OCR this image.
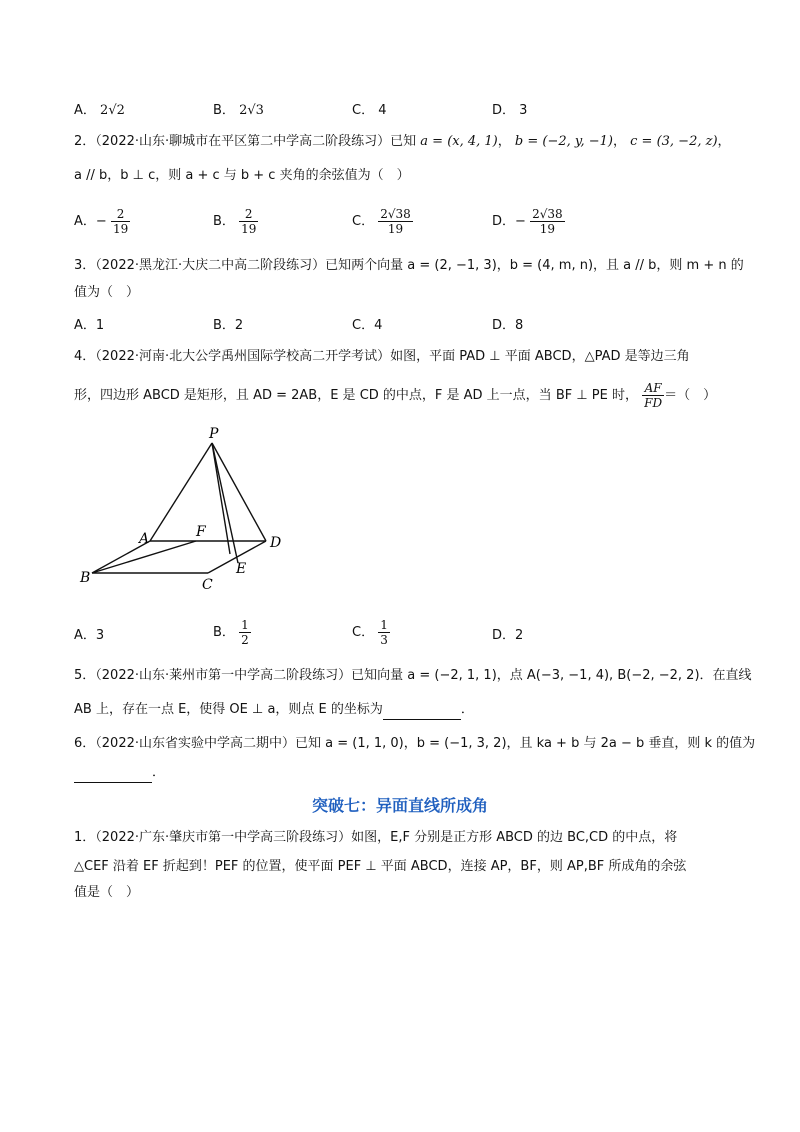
A． 2√2	B． 2√3	C． 4	D． 3
2．（2022·山东·聊城市在平区第二中学高二阶段练习）已知 a = (x, 4, 1)， b = (−2, y, −1)， c = (3, −2, z)，
a // b，b ⊥ c，则 a + c 与 b + c 夹角的余弦值为（　）
A．− $\frac{2}{19}$	B． $\frac{2}{19}$	C． $\frac{2√38}{19}$	D．− $\frac{2√38}{19}$
3．（2022·黑龙江·大庆二中高二阶段练习）已知两个向量 a = (2, −1, 3)，b = (4, m, n)，且 a // b，则 m + n 的
值为（　）
A．1	B．2	C．4	D．8
4．（2022·河南·北大公学禹州国际学校高二开学考试）如图，平面 PAD ⊥ 平面 ABCD，△PAD 是等边三角
形，四边形 ABCD 是矩形，且 AD = 2AB，E 是 CD 的中点，F 是 AD 上一点，当 BF ⊥ PE 时， $\frac{AF}{FD}$ ＝（　）
P
A	F
D
B	C
E
A．3	B． $\frac{1}{2}$	C． $\frac{1}{3}$	D．2
5．（2022·山东·莱州市第一中学高二阶段练习）已知向量 a = (−2, 1, 1)，点 A(−3, −1, 4), B(−2, −2, 2)．在直线
AB 上，存在一点 E，使得 OE ⊥ a，则点 E 的坐标为	．
6．（2022·山东省实验中学高二期中）已知 a = (1, 1, 0)，b = (−1, 3, 2)，且 ka + b 与 2a − b 垂直，则 k 的值为
．
突破七：异面直线所成角
1．（2022·广东·肇庆市第一中学高三阶段练习）如图，E,F 分别是正方形 ABCD 的边 BC,CD 的中点，将
△CEF 沿着 EF 折起到！PEF 的位置，使平面 PEF ⊥ 平面 ABCD，连接 AP，BF，则 AP,BF 所成角的余弦
值是（　）
